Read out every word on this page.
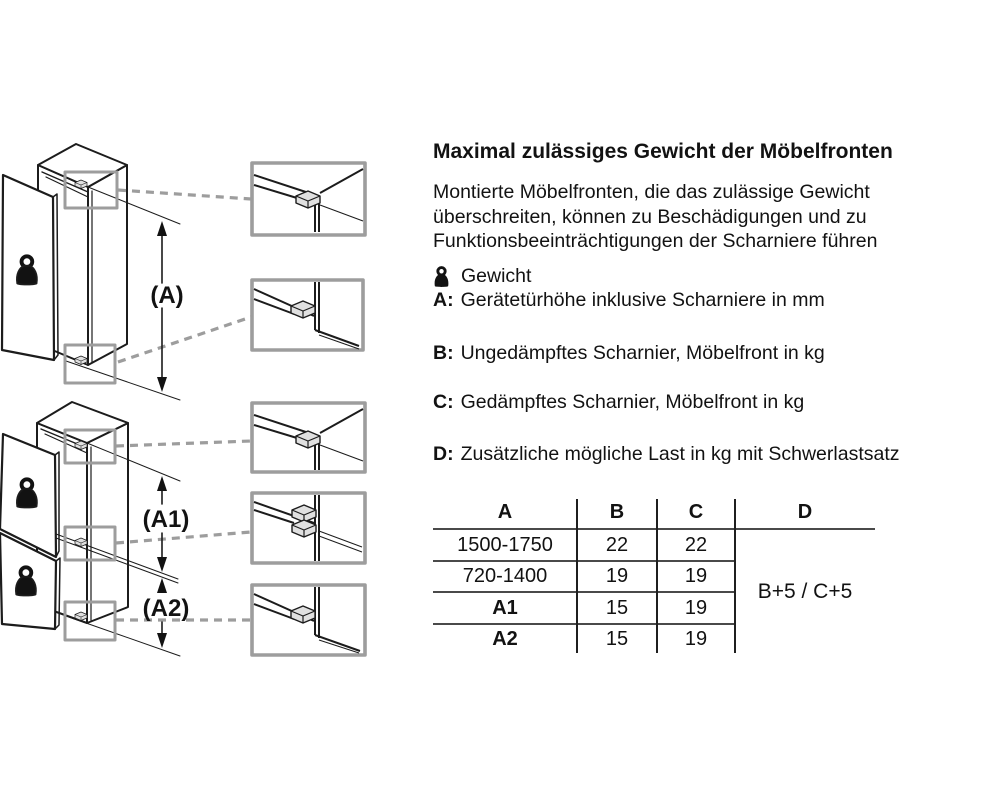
(A)
(A1)
(A2)
Maximal zulässiges Gewicht der Möbelfronten
Montierte Möbelfronten, die das zulässige Gewicht
überschreiten, können zu Beschädigungen und zu
Funktionsbeeinträchtigungen der Scharniere führen
Gewicht
A: Gerätetürhöhe inklusive Scharniere in mm
B: Ungedämpftes Scharnier, Möbelfront in kg
C: Gedämpftes Scharnier, Möbelfront in kg
D: Zusätzliche mögliche Last in kg mit Schwerlastsatz
A	B	C	D
1500-1750	22	22
720-1400	19	19
A1	15	19
A2	15	19
B+5 / C+5
